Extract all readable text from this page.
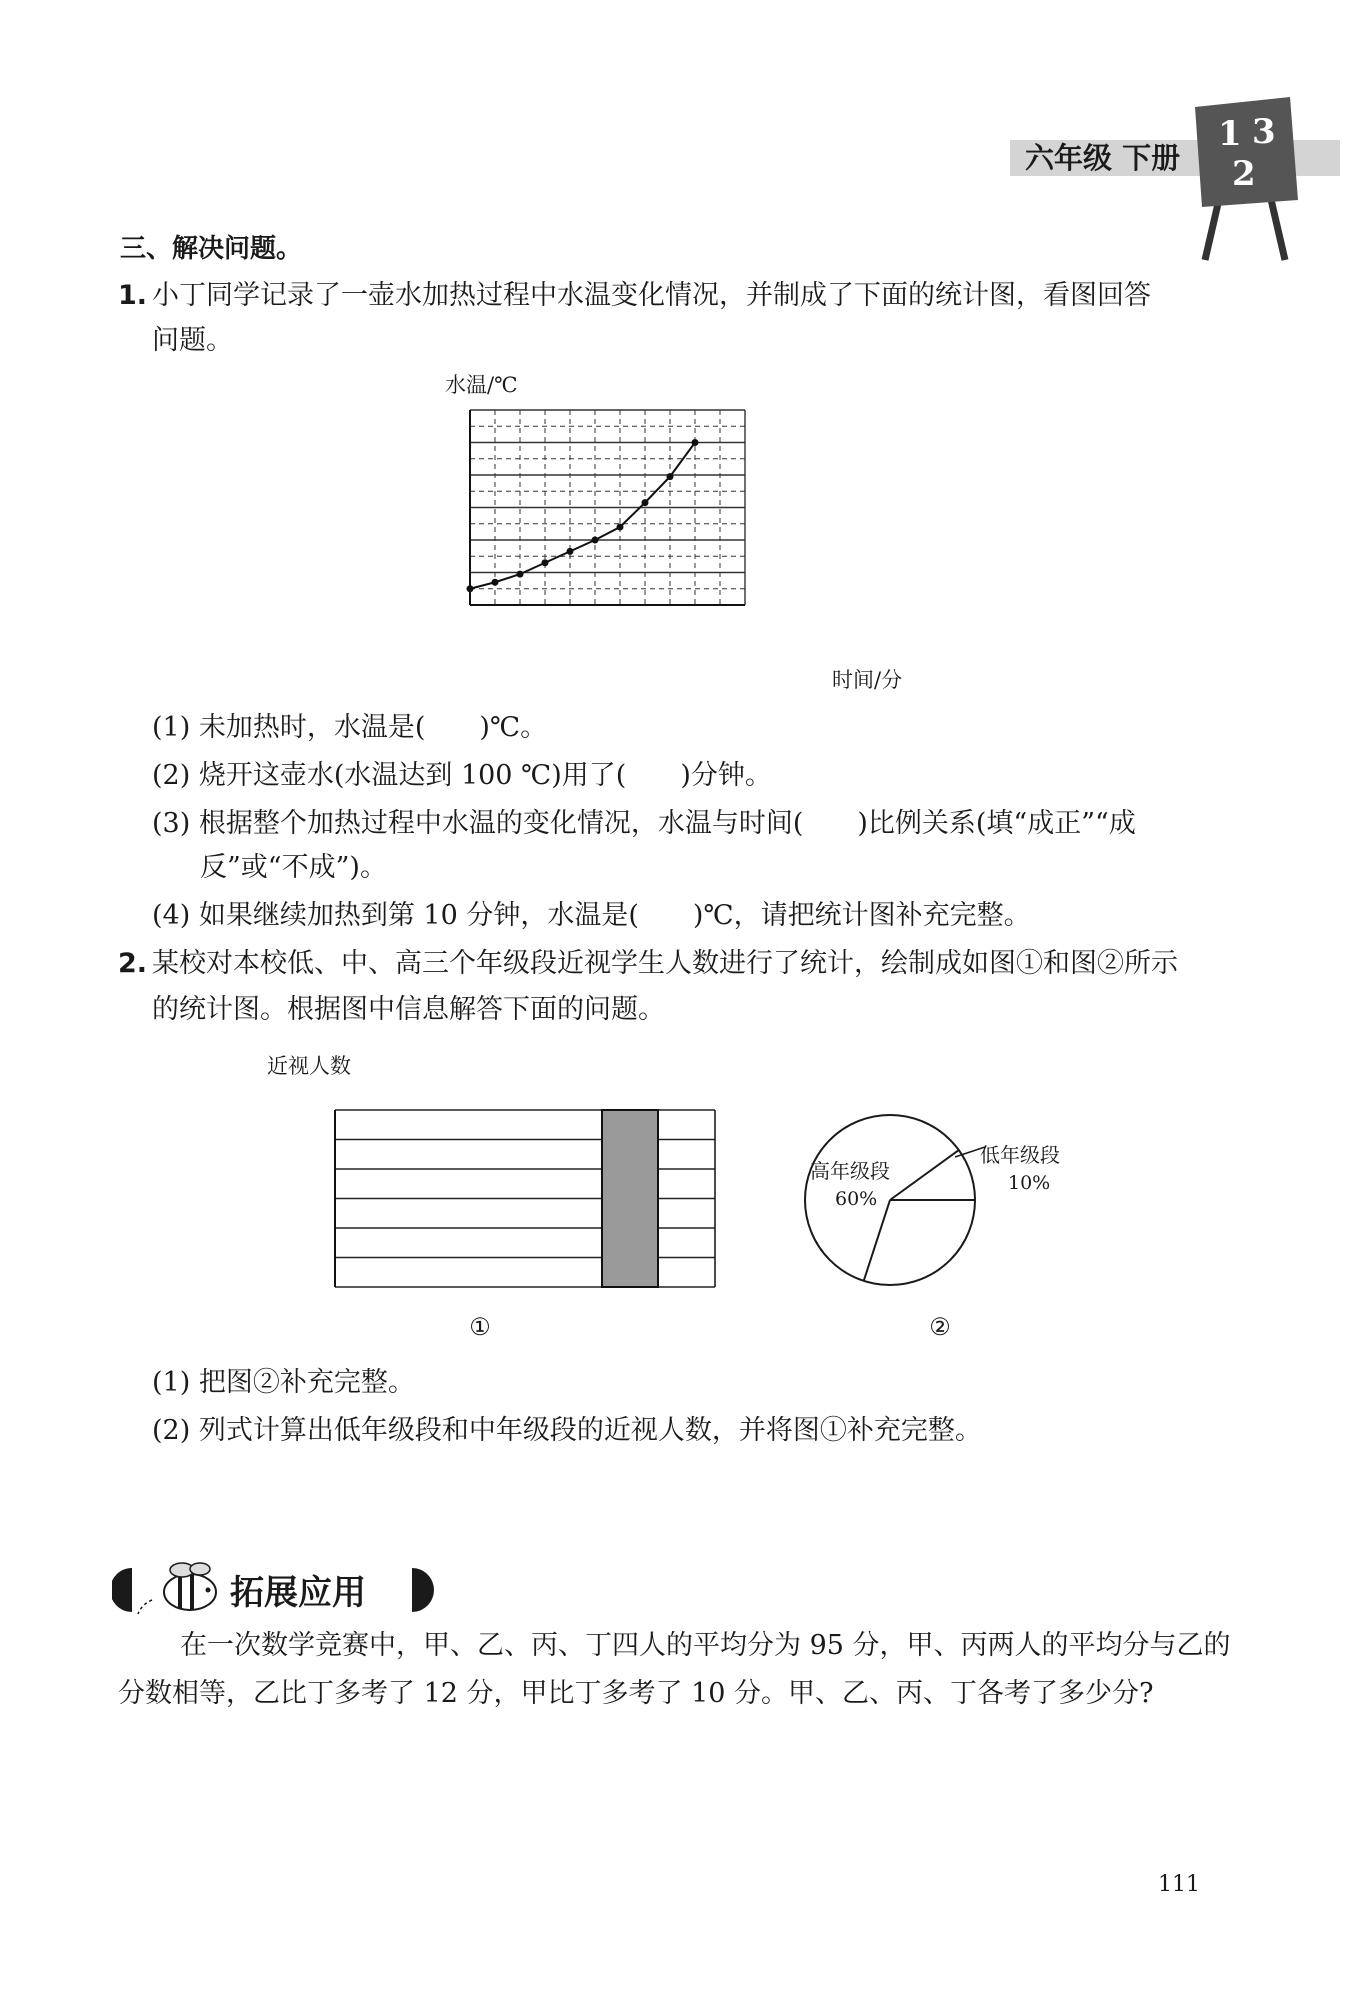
六年级 下册
1 3
2
三、解决问题。
1. 小丁同学记录了一壶水加热过程中水温变化情况，并制成了下面的统计图，看图回答
问题。
水温/℃
时间/分
(1) 未加热时，水温是(　　)℃。
(2) 烧开这壶水(水温达到 100 ℃)用了(　　)分钟。
(3) 根据整个加热过程中水温的变化情况，水温与时间(　　)比例关系(填“成正”“成
反”或“不成”)。
(4) 如果继续加热到第 10 分钟，水温是(　　)℃，请把统计图补充完整。
2. 某校对本校低、中、高三个年级段近视学生人数进行了统计，绘制成如图①和图②所示
的统计图。根据图中信息解答下面的问题。
近视人数
①
高年级段
60%
低年级段
10%
②
(1) 把图②补充完整。
(2) 列式计算出低年级段和中年级段的近视人数，并将图①补充完整。
拓展应用
在一次数学竞赛中，甲、乙、丙、丁四人的平均分为 95 分，甲、丙两人的平均分与乙的
分数相等，乙比丁多考了 12 分，甲比丁多考了 10 分。甲、乙、丙、丁各考了多少分?
111
